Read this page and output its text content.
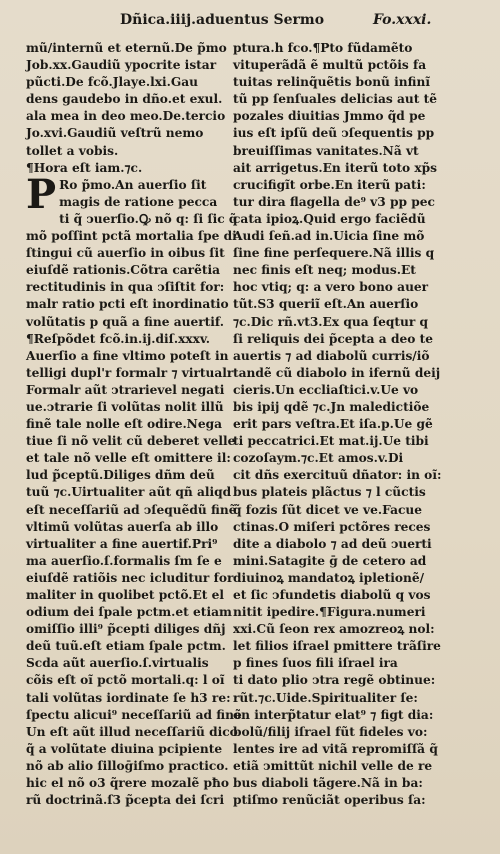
Dñica.iiij.aduentus Sermo	Fo.xxxi.
mũ/internũ et eternũ.De p̃mo
Job.xx.Gaudiũ ypocrite istar
pũcti.De fcõ.Jlaye.lxi.Gau
dens gaudebo in dño.et exul.
ala mea in deo meo.De.tercio
Jo.xvi.Gaudiũ veſtrũ nemo
tollet a vobis.
¶Hora eſt iam.⁊c.
P Ro p̃mo.An auerſio ſit
magis de ratione pecca
ti q̃ ↄuerſio.Ꝙ nõ q: ſi ſic q̃
mõ poſſint pctã mortalia ſpe di
ſtingui cũ auerſio in oibus ſit
eiuſdẽ rationis.Cõtra carẽtia
rectitudinis in qua ↄſiſtit for:
malr ratio pcti eſt inordinatio
volũtatis p quã a fine auertif.
¶Reſpõdet fcõ.in.ij.diſ.xxxv.
Auerſio a fine vltimo poteſt in
telligi dupl'r formalr ⁊ virtualr
Formalr aũt ↄtrarievel negati
ue.ↄtrarie ſi volũtas nolit illũ
finẽ tale nolle eſt odire.Nega
tiue ſi nõ velit cũ deberet velle
et tale nõ velle eſt omittere il:
lud p̃ceptũ.Diliges dñm deũ
tuũ ⁊c.Uirtualiter aũt qñ aliqd
eſt neceſſariũ ad ↄſequẽdũ finẽ
vltimũ volũtas auerſa ab illo
virtualiter a fine auertif.Pri⁹
ma auerſio.ſ.formalis ſm ſe e
eiuſdẽ ratiõis nec icluditur for
maliter in quolibet pctõ.Et el
odium dei ſpale pctm.et etiam
omiſſio illi⁹ p̃cepti diliges dñj
deũ tuũ.eſt etiam ſpale pctm.
Scda aũt auerſio.ſ.virtualis
cõis eſt oĩ pctõ mortali.q: l oĩ
tali volũtas iordinate ſe h3 re:
ſpectu alicui⁹ neceſſariũ ad finẽ
Un eſt aũt illud neceſſariũ dico
q̃ a volũtate diuina pcipiente
nõ ab alio ſilloḡiſmo practico.
hic el nõ o3 q̃rere mozalẽ pħo
rũ doctrinã.ſ3 p̃cepta dei ſcri
ptura.h fco.¶Pto fũdamẽto
vituperãdã ẽ multũ pctõis fa
tuitas relinq̃uẽtis bonũ infinĩ
tũ pp ſenſuales delicias aut tẽ
pozales diuitias Jmmo q̃d pe
ius eſt ipſũ deũ ↄſequentis pp
breuiſſimas vanitates.Nã vt
ait arrigetus.En iterũ toto xp̃s
crucifigĩt orbe.En iterũ pati:
tur dira flagella de⁹ v3 pp pec
cata ipioꝝ.Quid ergo faciẽdũ
Audi ſeñ.ad in.Uicia ſine mõ
ſine fine perſequere.Nã illis q
nec finis eſt neq; modus.Et
hoc vtiq; q: a vero bono auer
tũt.S3 queriĩ eſt.An auerſio
⁊c.Dic rñ.vt3.Ex qua ſeqtur q
ſi reliquis dei p̃cepta a deo te
auertis ⁊ ad diabolũ curris/iõ
tandẽ cũ diabolo in ifernũ deij
cieris.Un eccliaſtici.v.Ue vo
bis ipij qdẽ ⁊c.Jn maledictiõe
erit pars veſtra.Et iſa.p.Ue gẽ
ti peccatrici.Et mat.ij.Ue tibi
cozoſaym.⁊c.Et amos.v.Di
cit dñs exercituũ dñator: in oĩ:
bus plateis plãctus ⁊ l cũctis
q̃ fozis ſũt dicet ve ve.Facue
ctinas.O miſeri pctõres reces
dite a diabolo ⁊ ad deũ ↄuerti
mini.Satagite ḡ de cetero ad
diuinoꝝ mandatoꝝ ipletionẽ/
et ſic ↄfundetis diabolũ q vos
nitit ipedire.¶Figura.numeri
xxi.Cũ ſeon rex amozreoꝝ nol:
let filios iſrael pmittere trãſire
p fines ſuos fili iſrael ira
ti dato plio ↄtra regẽ obtinue:
rũt.⁊c.Uide.Spiritualiter ſe:
on interp̃tatur elat⁹ ⁊ figt dia:
bolũ/filij iſrael fũt fideles vo:
lentes ire ad vitã repromiſſã q̃
etiã ↄmittũt nichil velle de re
bus diaboli tãgere.Nã in ba:
ptiſmo renũciãt operibus ſa:
